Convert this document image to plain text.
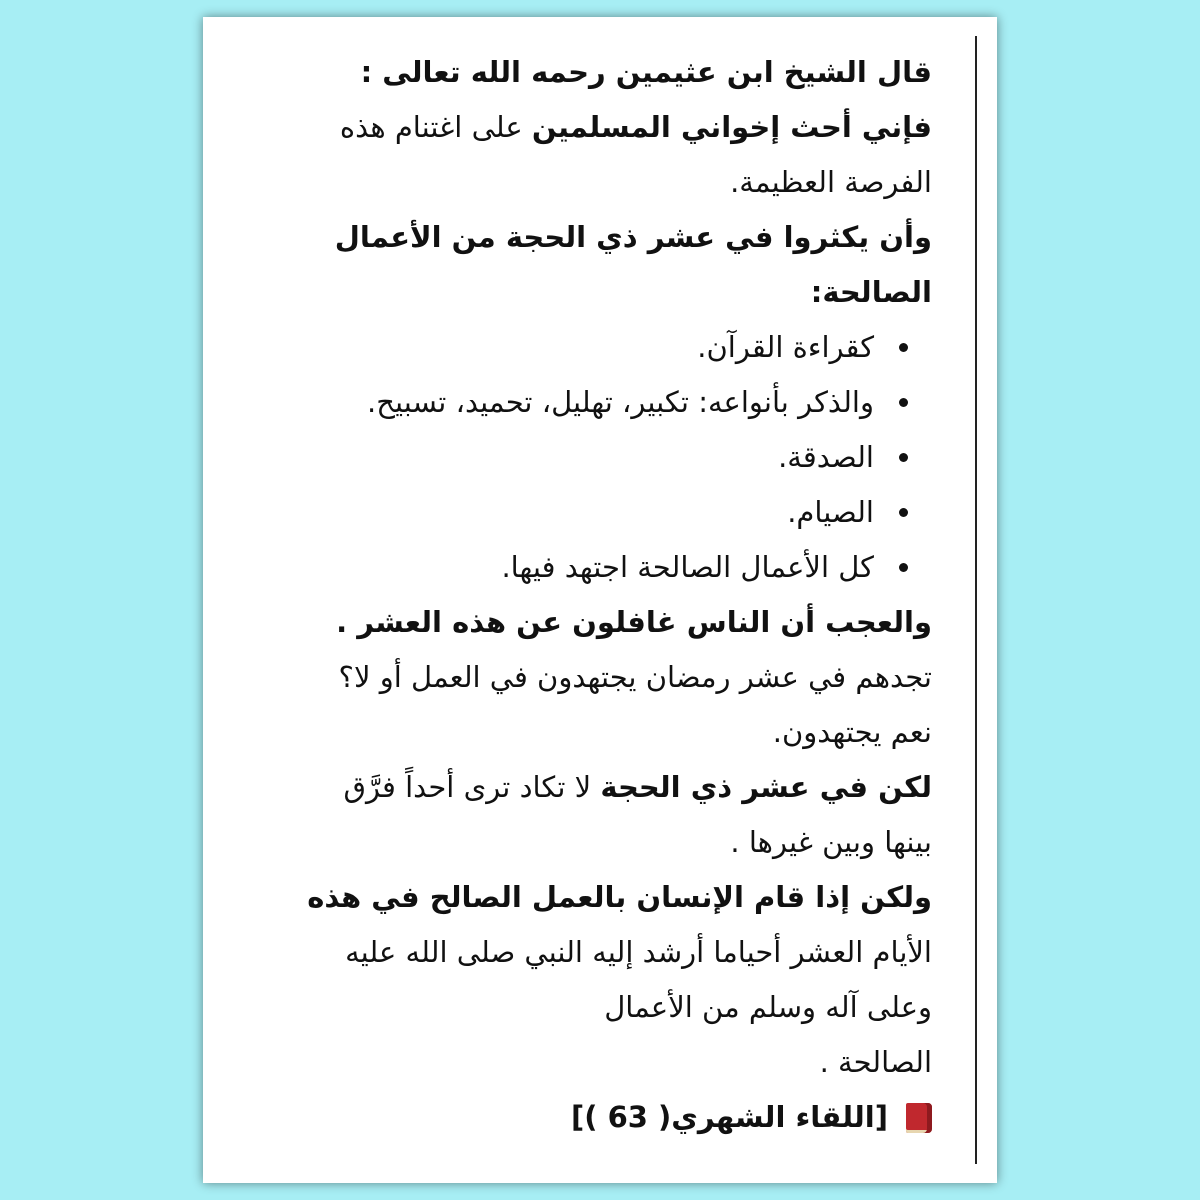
قال الشيخ ابن عثيمين رحمه الله تعالى :
فإني أحث إخواني المسلمين على اغتنام هذه
الفرصة العظيمة.
وأن يكثروا في عشر ذي الحجة من الأعمال
الصالحة:
كقراءة القرآن.
والذكر بأنواعه: تكبير، تهليل، تحميد، تسبيح.
الصدقة.
الصيام.
كل الأعمال الصالحة اجتهد فيها.
والعجب أن الناس غافلون عن هذه العشر .
تجدهم في عشر رمضان يجتهدون في العمل أو لا؟
نعم يجتهدون.
لكن في عشر ذي الحجة لا تكاد ترى أحداً فرَّق
بينها وبين غيرها .
ولكن إذا قام الإنسان بالعمل الصالح في هذه
الأيام العشر أحياما أرشد إليه النبي صلى الله عليه
وعلى آله وسلم من الأعمال
الصالحة .
[اللقاء الشهري( 63 )]
